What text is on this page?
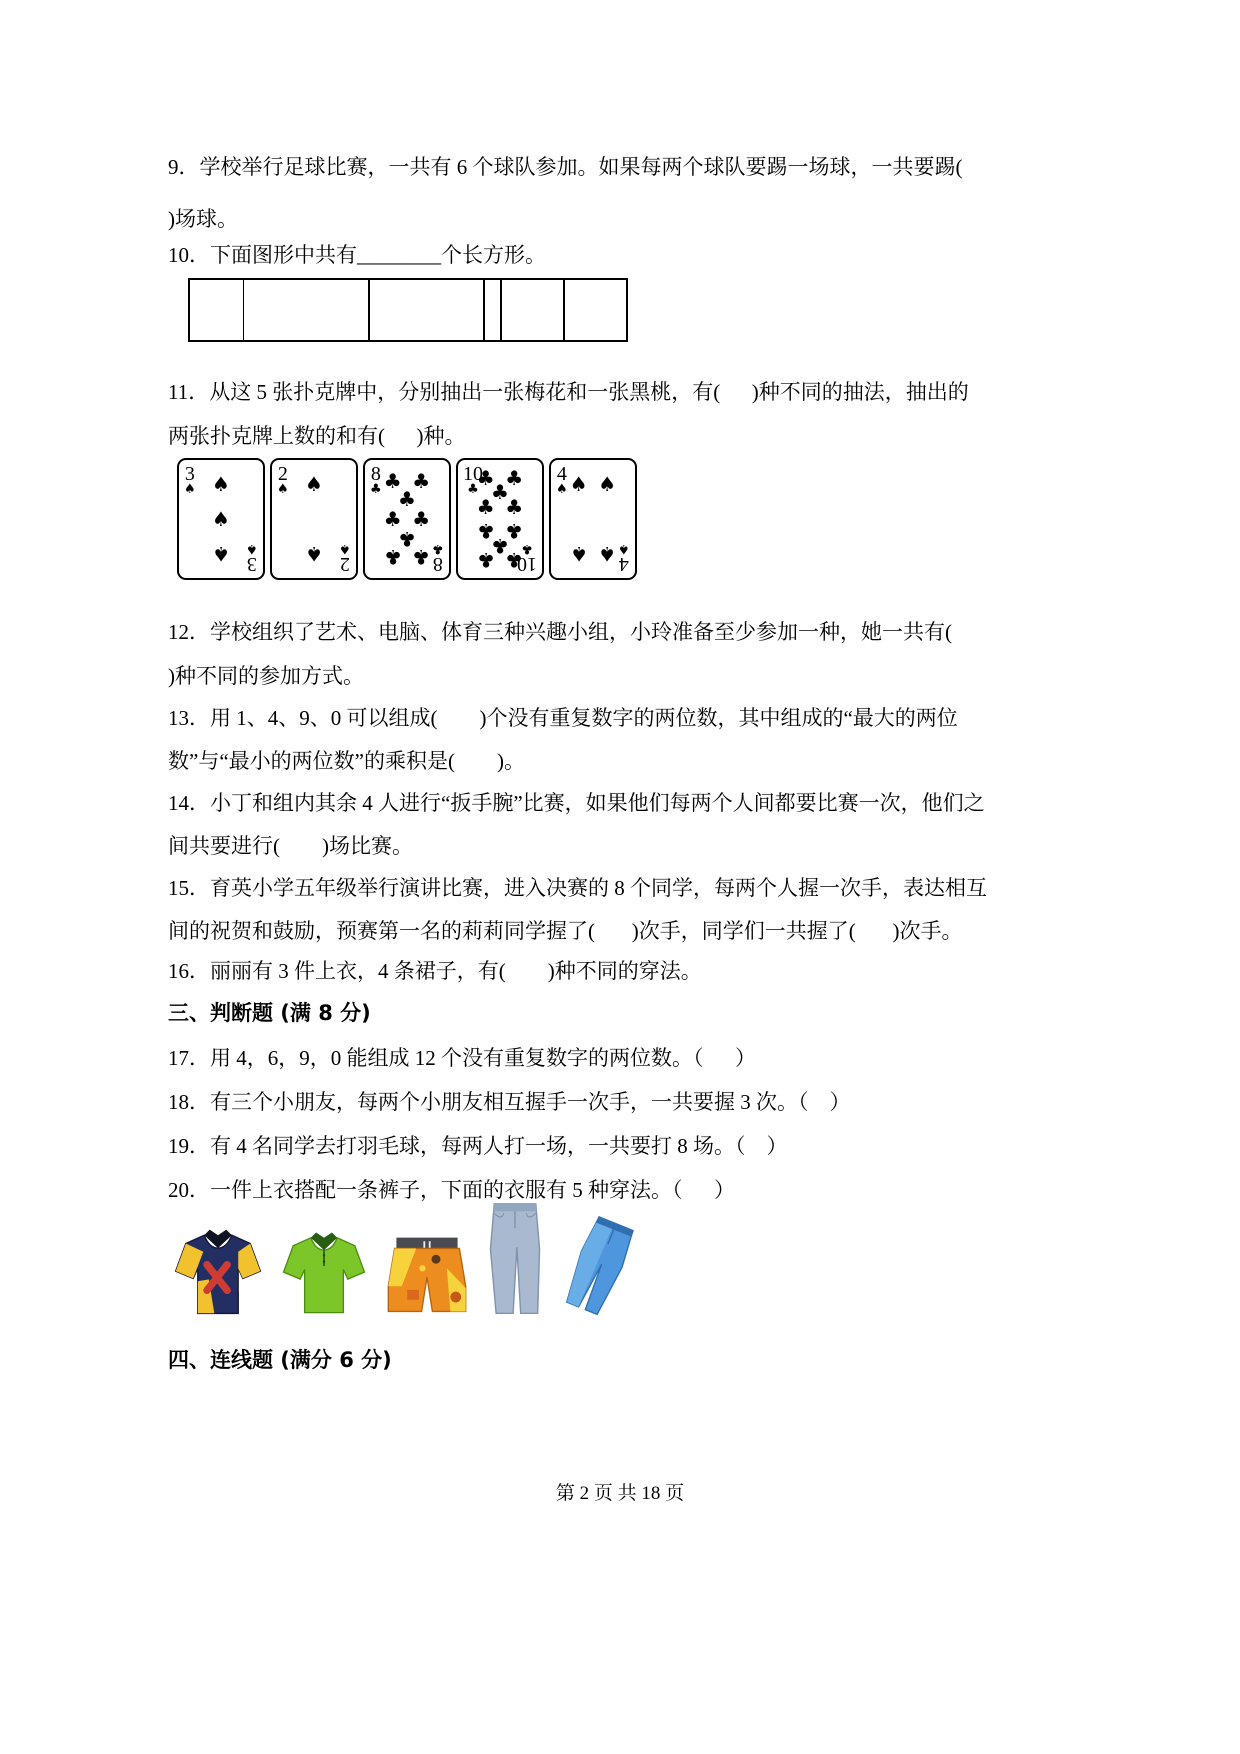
9．学校举行足球比赛，一共有 6 个球队参加。如果每两个球队要踢一场球，一共要踢(
)场球。
10．下面图形中共有________个长方形。
11．从这 5 张扑克牌中，分别抽出一张梅花和一张黑桃，有(      )种不同的抽法，抽出的
两张扑克牌上数的和有(      )种。
12．学校组织了艺术、电脑、体育三种兴趣小组，小玲准备至少参加一种，她一共有(
)种不同的参加方式。
13．用 1、4、9、0 可以组成(        )个没有重复数字的两位数，其中组成的“最大的两位
数”与“最小的两位数”的乘积是(        )。
14．小丁和组内其余 4 人进行“扳手腕”比赛，如果他们每两个人间都要比赛一次，他们之
间共要进行(        )场比赛。
15．育英小学五年级举行演讲比赛，进入决赛的 8 个同学，每两个人握一次手，表达相互
间的祝贺和鼓励，预赛第一名的莉莉同学握了(       )次手，同学们一共握了(       )次手。
16．丽丽有 3 件上衣，4 条裙子，有(        )种不同的穿法。
三、判断题 (满 8 分)
17．用 4，6，9，0 能组成 12 个没有重复数字的两位数。（      ）
18．有三个小朋友，每两个小朋友相互握手一次手，一共要握 3 次。（    ）
19．有 4 名同学去打羽毛球，每两人打一场，一共要打 8 场。（    ）
20．一件上衣搭配一条裤子，下面的衣服有 5 种穿法。（      ）
四、连线题 (满分 6 分)
3
♠
3
♠
♠
♠
♠
2
♠
2
♠
♠
♠
8
♣
8
♣
♣
♣
♣
♣
♣
♣
♣
♣
10
♣
10
♣
♣
♣
♣
♣
♣
♣
♣
♣
♣
♣
4
♠
4
♠
♠ ♠
♠ ♠
第 2 页 共 18 页
